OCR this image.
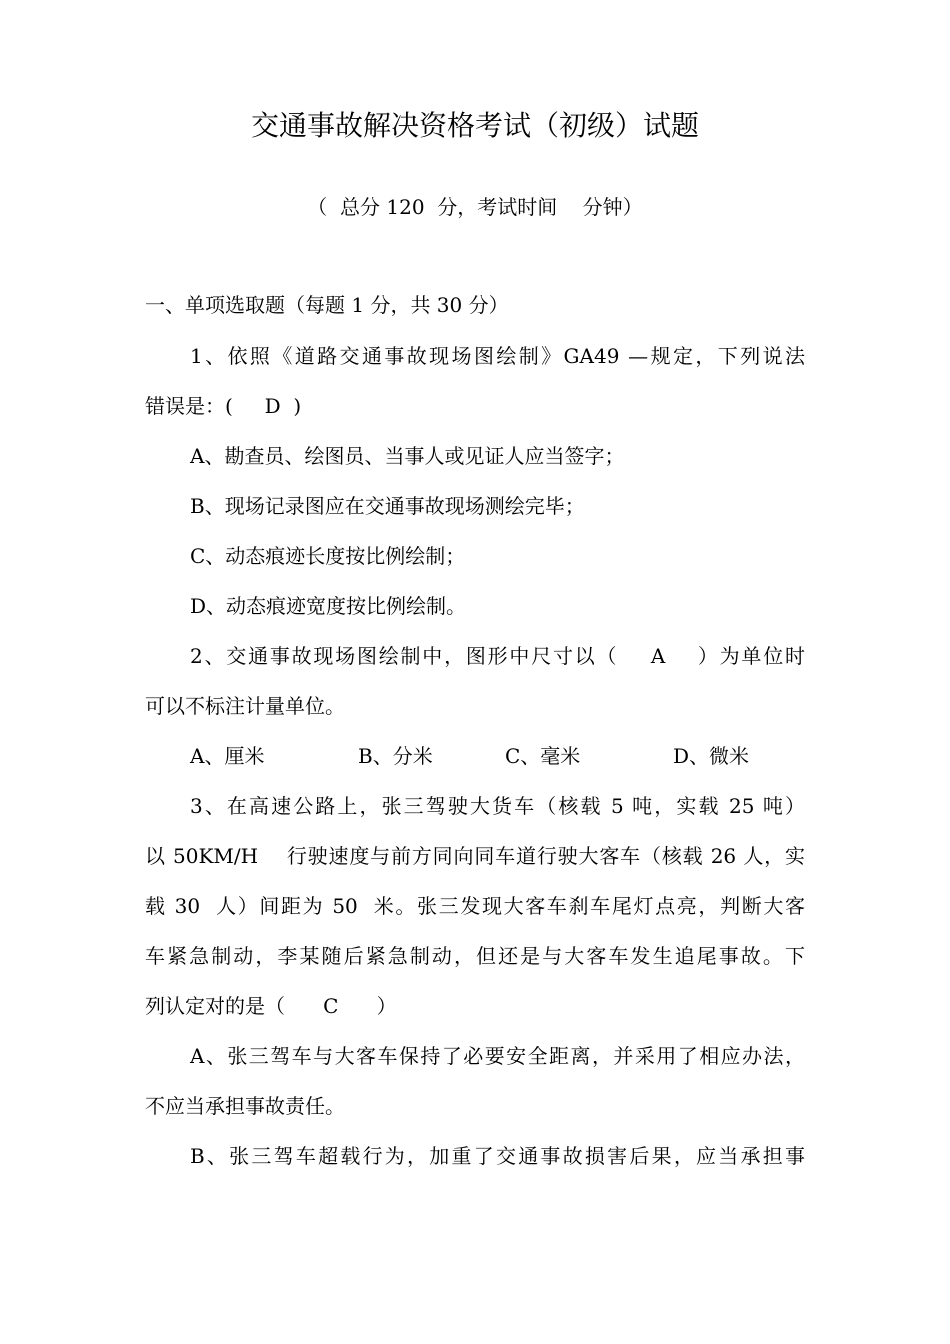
交通事故解决资格考试（初级）试题
（  总分 120  分，考试时间    分钟）
一、单项选取题（每题 1 分，共 30 分）
1、依照《道路交通事故现场图绘制》GA49 —规定，下列说法
错误是：(     D  )
A、勘查员、绘图员、当事人或见证人应当签字；
B、现场记录图应在交通事故现场测绘完毕；
C、动态痕迹长度按比例绘制；
D、动态痕迹宽度按比例绘制。
2、交通事故现场图绘制中，图形中尺寸以（    A    ）为单位时
可以不标注计量单位。
A、厘米	B、分米	C、毫米	D、微米
3、在高速公路上，张三驾驶大货车（核载 5 吨，实载 25 吨）
以 50KM/H    行驶速度与前方同向同车道行驶大客车（核载 26 人，实
载 30  人）间距为 50  米。张三发现大客车刹车尾灯点亮，判断大客
车紧急制动，李某随后紧急制动，但还是与大客车发生追尾事故。下
列认定对的是（      C      ）
A、张三驾车与大客车保持了必要安全距离，并采用了相应办法，
不应当承担事故责任。
B、张三驾车超载行为，加重了交通事故损害后果，应当承担事
